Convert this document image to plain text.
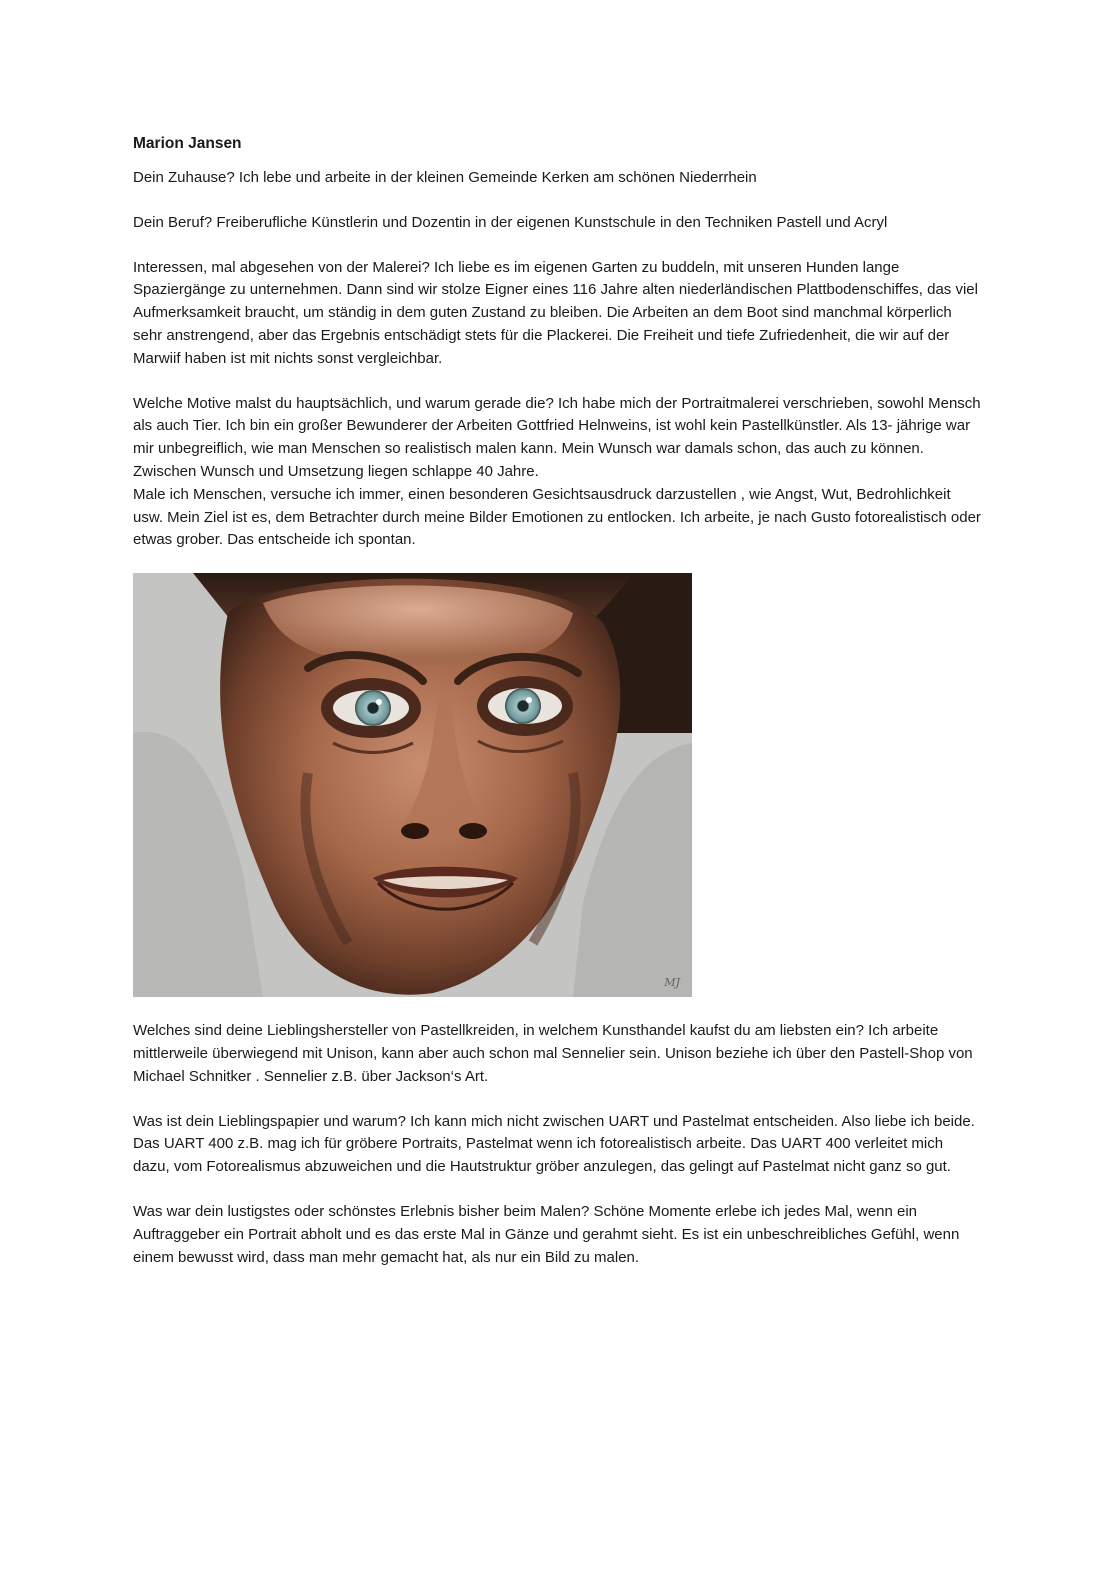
Marion Jansen

Dein Zuhause? Ich lebe und arbeite in der kleinen Gemeinde Kerken am schönen Niederrhein

Dein Beruf? Freiberufliche Künstlerin und Dozentin in der eigenen Kunstschule in den Techniken Pastell und Acryl

Interessen, mal abgesehen von der Malerei? Ich liebe es im eigenen Garten zu buddeln, mit unseren Hunden lange Spaziergänge zu unternehmen. Dann sind wir stolze Eigner eines 116 Jahre alten niederländischen Plattbodenschiffes, das viel Aufmerksamkeit braucht, um ständig in dem guten Zustand zu bleiben. Die Arbeiten an dem Boot sind manchmal körperlich sehr anstrengend, aber das Ergebnis entschädigt stets für die Plackerei. Die Freiheit und tiefe Zufriedenheit, die wir auf der Marwiif haben ist mit nichts sonst vergleichbar.

Welche Motive malst du hauptsächlich, und warum gerade die? Ich habe mich der Portraitmalerei verschrieben, sowohl Mensch als auch Tier. Ich bin ein großer Bewunderer der Arbeiten Gottfried Helnweins, ist wohl kein Pastellkünstler. Als 13- jährige war mir unbegreiflich, wie man Menschen so realistisch malen kann. Mein Wunsch war damals schon, das auch zu können. Zwischen Wunsch und Umsetzung liegen schlappe 40 Jahre.

Male ich Menschen, versuche ich immer, einen besonderen Gesichtsausdruck darzustellen , wie Angst, Wut, Bedrohlichkeit usw. Mein Ziel ist es, dem Betrachter durch meine Bilder Emotionen zu entlocken. Ich arbeite, je nach Gusto fotorealistisch oder etwas grober. Das entscheide ich spontan.

MJ

Welches sind deine Lieblingshersteller von Pastellkreiden, in welchem Kunsthandel kaufst du am liebsten ein? Ich arbeite mittlerweile überwiegend mit Unison, kann aber auch schon mal Sennelier sein. Unison beziehe ich über den Pastell-Shop von Michael Schnitker . Sennelier z.B. über Jackson‘s Art.

Was ist dein Lieblingspapier und warum? Ich kann mich nicht zwischen UART und Pastelmat entscheiden. Also liebe ich beide. Das UART 400 z.B. mag ich für gröbere Portraits, Pastelmat wenn ich fotorealistisch arbeite. Das UART 400 verleitet mich dazu, vom Fotorealismus abzuweichen und die Hautstruktur gröber anzulegen, das gelingt auf Pastelmat nicht ganz so gut.

Was war dein lustigstes oder schönstes Erlebnis bisher beim Malen? Schöne Momente erlebe ich jedes Mal, wenn ein Auftraggeber ein Portrait abholt und es das erste Mal in Gänze und gerahmt sieht. Es ist ein unbeschreibliches Gefühl, wenn einem bewusst wird, dass man mehr gemacht hat, als nur ein Bild zu malen.
